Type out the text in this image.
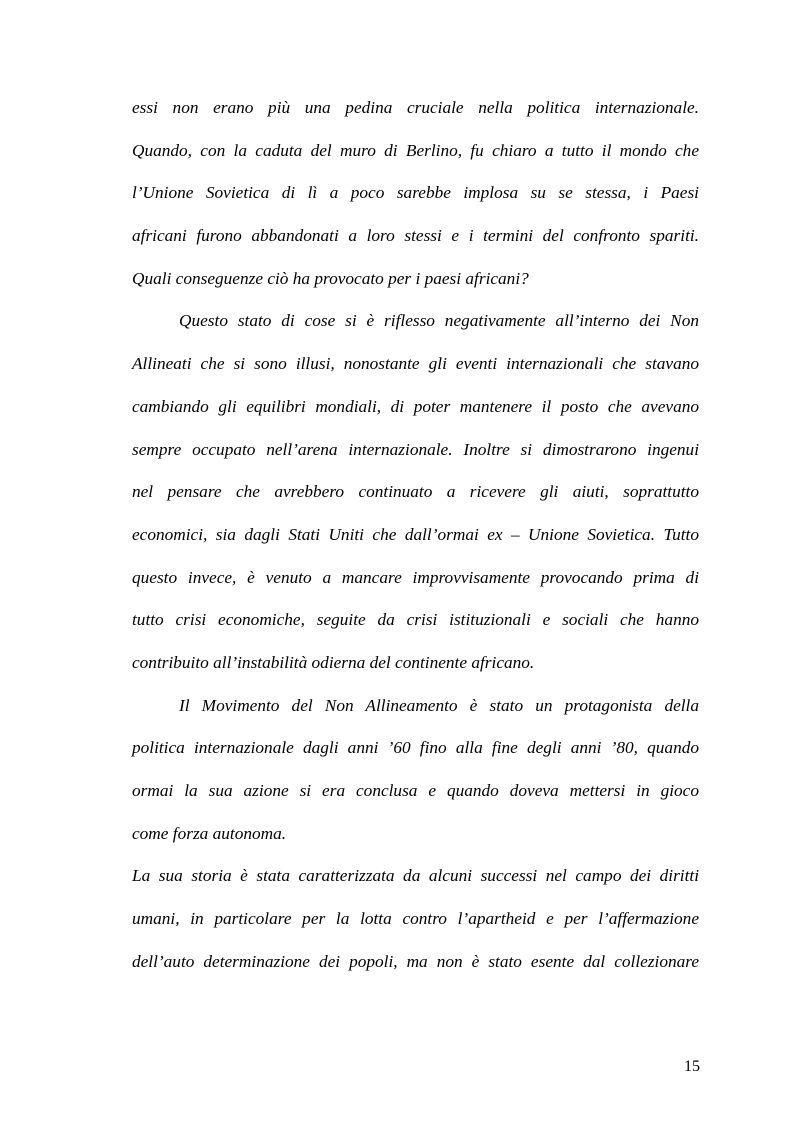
essi non erano più una pedina cruciale nella politica internazionale.
Quando, con la caduta del muro di Berlino, fu chiaro a tutto il mondo che
l’Unione Sovietica di lì a poco sarebbe implosa su se stessa, i Paesi
africani furono abbandonati a loro stessi e i termini del confronto spariti.
Quali conseguenze ciò ha provocato per i paesi africani?
Questo stato di cose si è riflesso negativamente all’interno dei Non
Allineati che si sono illusi, nonostante gli eventi internazionali che stavano
cambiando gli equilibri mondiali, di poter mantenere il posto che avevano
sempre occupato nell’arena internazionale. Inoltre si dimostrarono ingenui
nel pensare che avrebbero continuato a ricevere gli aiuti, soprattutto
economici, sia dagli Stati Uniti che dall’ormai ex – Unione Sovietica. Tutto
questo invece, è venuto a mancare improvvisamente provocando prima di
tutto crisi economiche, seguite da crisi istituzionali e sociali che hanno
contribuito all’instabilità odierna del continente africano.
Il Movimento del Non Allineamento è stato un protagonista della
politica internazionale dagli anni ’60 fino alla fine degli anni ’80, quando
ormai la sua azione si era conclusa e quando doveva mettersi in gioco
come forza autonoma.
La sua storia è stata caratterizzata da alcuni successi nel campo dei diritti
umani, in particolare per la lotta contro l’apartheid e per l’affermazione
dell’auto determinazione dei popoli, ma non è stato esente dal collezionare
15
